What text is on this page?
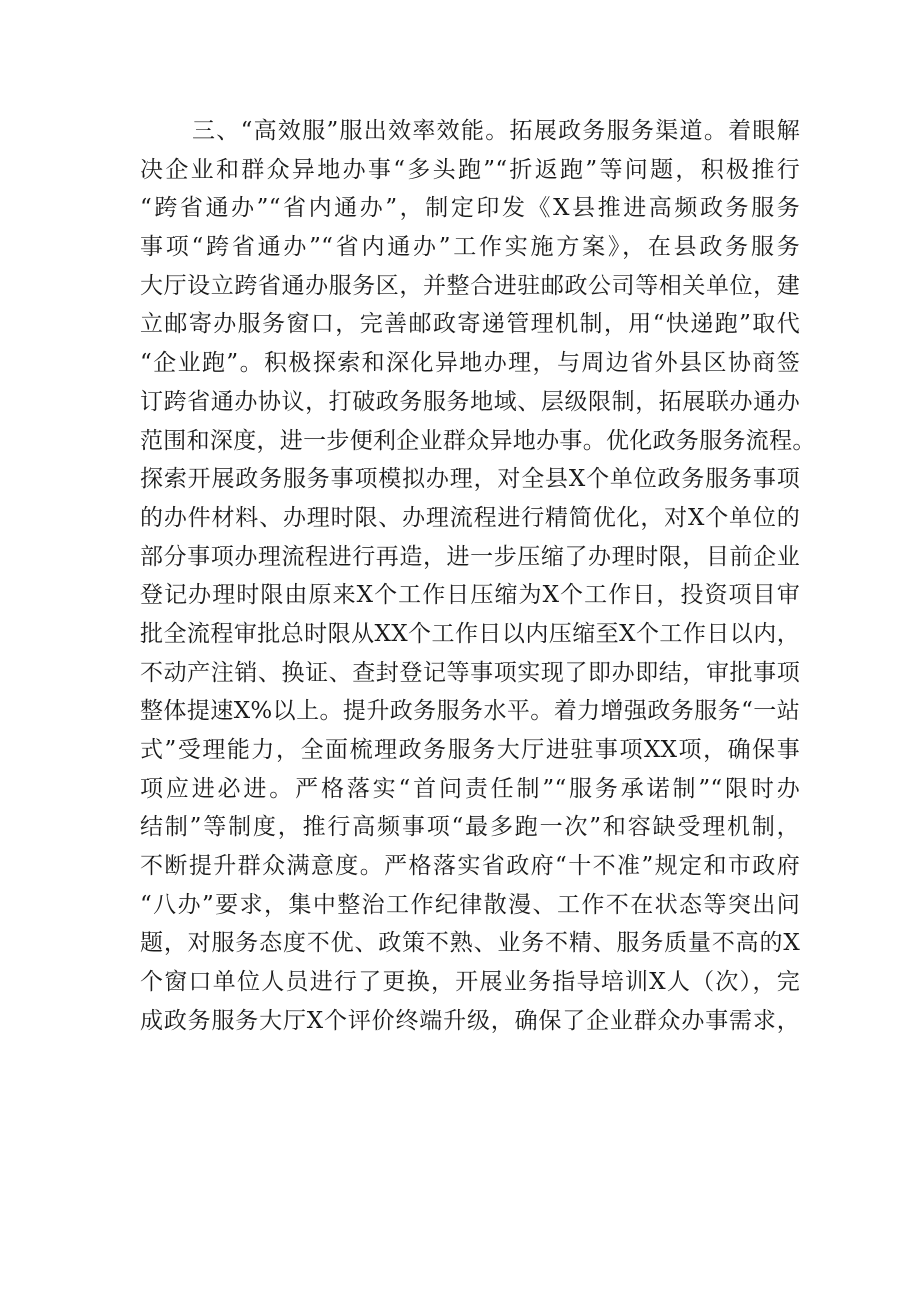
三、“高效服”服出效率效能。拓展政务服务渠道。着眼解
决企业和群众异地办事“多头跑”“折返跑”等问题，积极推行
“跨省通办”“省内通办”，制定印发《X县推进高频政务服务
事项“跨省通办”“省内通办”工作实施方案》，在县政务服务
大厅设立跨省通办服务区，并整合进驻邮政公司等相关单位，建
立邮寄办服务窗口，完善邮政寄递管理机制，用“快递跑”取代
“企业跑”。积极探索和深化异地办理，与周边省外县区协商签
订跨省通办协议，打破政务服务地域、层级限制，拓展联办通办
范围和深度，进一步便利企业群众异地办事。优化政务服务流程。
探索开展政务服务事项模拟办理，对全县X个单位政务服务事项
的办件材料、办理时限、办理流程进行精简优化，对X个单位的
部分事项办理流程进行再造，进一步压缩了办理时限，目前企业
登记办理时限由原来X个工作日压缩为X个工作日，投资项目审
批全流程审批总时限从XX个工作日以内压缩至X个工作日以内，
不动产注销、换证、查封登记等事项实现了即办即结，审批事项
整体提速X%以上。提升政务服务水平。着力增强政务服务“一站
式”受理能力，全面梳理政务服务大厅进驻事项XX项，确保事
项应进必进。严格落实“首问责任制”“服务承诺制”“限时办
结制”等制度，推行高频事项“最多跑一次”和容缺受理机制，
不断提升群众满意度。严格落实省政府“十不准”规定和市政府
“八办”要求，集中整治工作纪律散漫、工作不在状态等突出问
题，对服务态度不优、政策不熟、业务不精、服务质量不高的X
个窗口单位人员进行了更换，开展业务指导培训X人（次），完
成政务服务大厅X个评价终端升级，确保了企业群众办事需求，
